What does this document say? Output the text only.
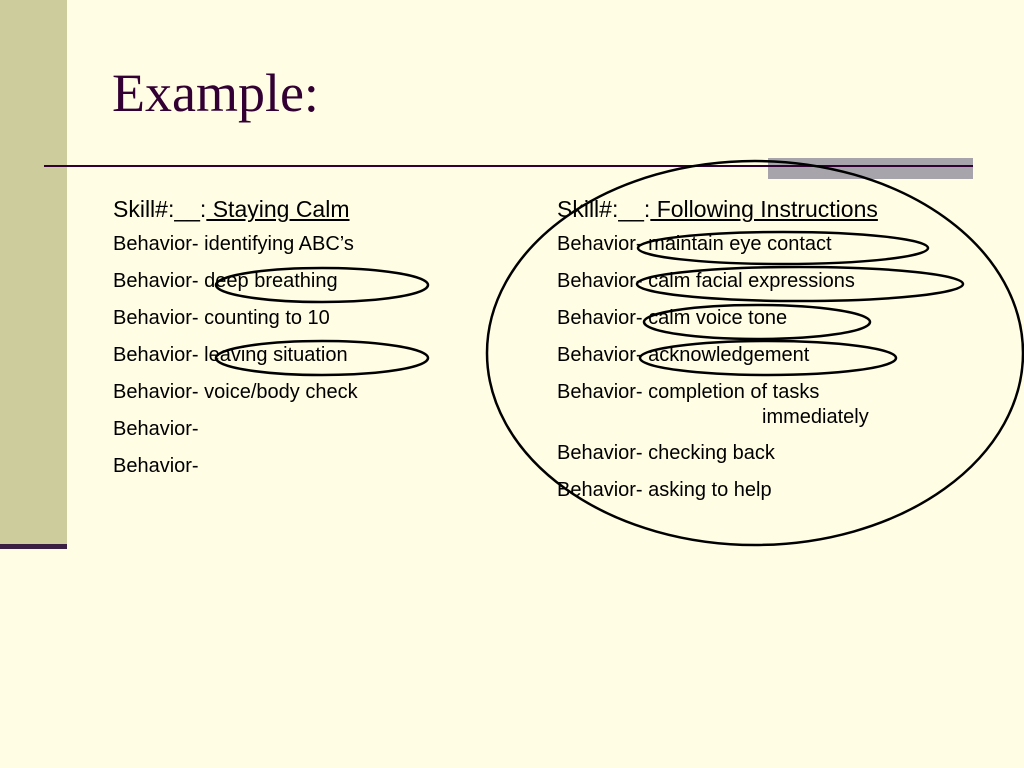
Example:
Skill#:__: Staying Calm
Behavior- identifying ABC’s
Behavior- deep breathing
Behavior- counting to 10
Behavior- leaving situation
Behavior- voice/body check
Behavior-
Behavior-
Skill#:__: Following Instructions
Behavior- maintain eye contact
Behavior- calm facial expressions
Behavior- calm voice tone
Behavior- acknowledgement
Behavior- completion of tasks
immediately
Behavior- checking back
Behavior- asking to help
